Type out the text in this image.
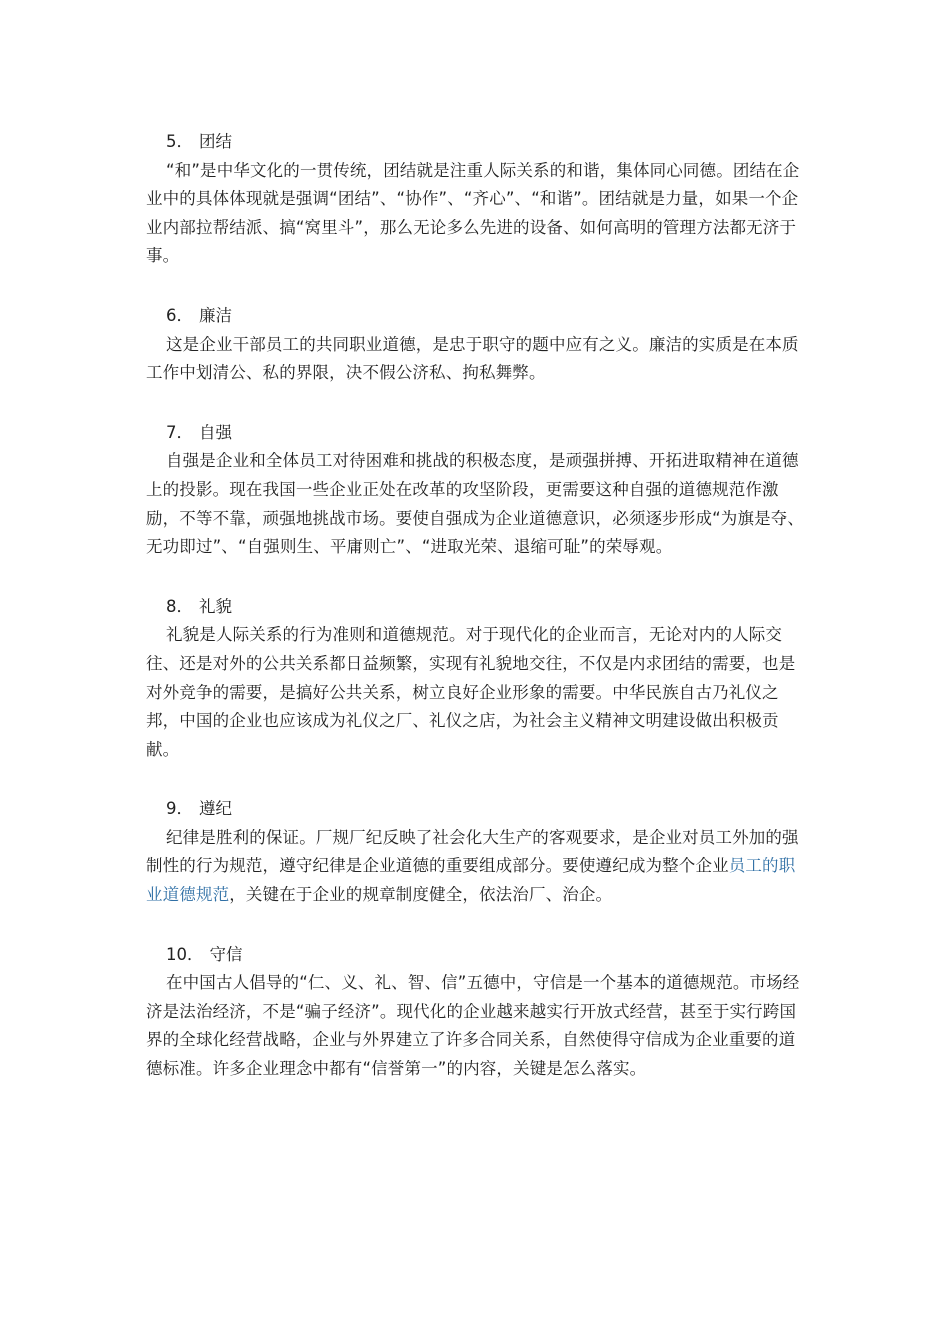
5． 团结

“和”是中华文化的一贯传统，团结就是注重人际关系的和谐，集体同心同德。团结在企业中的具体体现就是强调“团结”、“协作”、“齐心”、“和谐”。团结就是力量，如果一个企业内部拉帮结派、搞“窝里斗”，那么无论多么先进的设备、如何高明的管理方法都无济于事。

6． 廉洁

这是企业干部员工的共同职业道德，是忠于职守的题中应有之义。廉洁的实质是在本质工作中划清公、私的界限，决不假公济私、拘私舞弊。

7． 自强

自强是企业和全体员工对待困难和挑战的积极态度，是顽强拼搏、开拓进取精神在道德上的投影。现在我国一些企业正处在改革的攻坚阶段，更需要这种自强的道德规范作激励，不等不靠，顽强地挑战市场。要使自强成为企业道德意识，必须逐步形成“为旗是夺、无功即过”、“自强则生、平庸则亡”、“进取光荣、退缩可耻”的荣辱观。

8． 礼貌

礼貌是人际关系的行为准则和道德规范。对于现代化的企业而言，无论对内的人际交往、还是对外的公共关系都日益频繁，实现有礼貌地交往，不仅是内求团结的需要，也是对外竞争的需要，是搞好公共关系，树立良好企业形象的需要。中华民族自古乃礼仪之邦，中国的企业也应该成为礼仪之厂、礼仪之店，为社会主义精神文明建设做出积极贡献。

9． 遵纪

纪律是胜利的保证。厂规厂纪反映了社会化大生产的客观要求，是企业对员工外加的强制性的行为规范，遵守纪律是企业道德的重要组成部分。要使遵纪成为整个企业员工的职业道德规范，关键在于企业的规章制度健全，依法治厂、治企。

10． 守信

在中国古人倡导的“仁、义、礼、智、信”五德中，守信是一个基本的道德规范。市场经济是法治经济，不是“骗子经济”。现代化的企业越来越实行开放式经营，甚至于实行跨国界的全球化经营战略，企业与外界建立了许多合同关系，自然使得守信成为企业重要的道德标准。许多企业理念中都有“信誉第一”的内容，关键是怎么落实。
